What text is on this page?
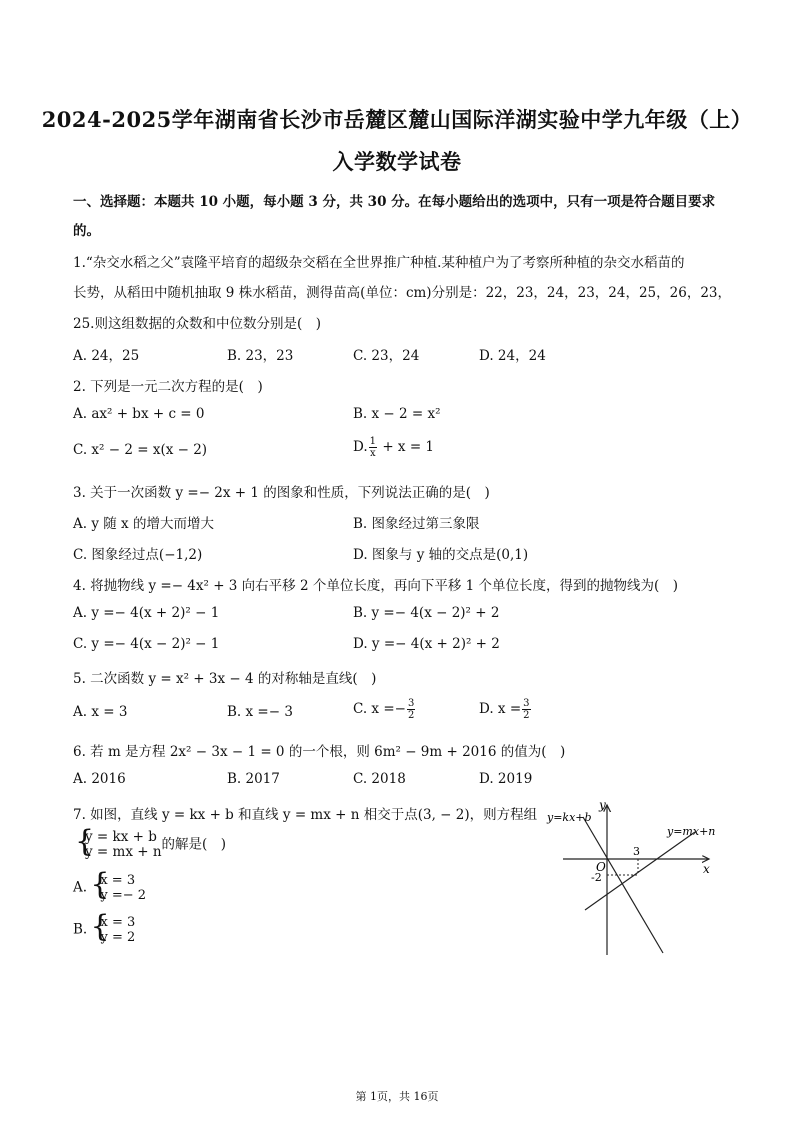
2024-2025学年湖南省长沙市岳麓区麓山国际洋湖实验中学九年级（上）
入学数学试卷
一、选择题：本题共 10 小题，每小题 3 分，共 30 分。在每小题给出的选项中，只有一项是符合题目要求
的。
1.“杂交水稻之父”袁隆平培育的超级杂交稻在全世界推广种植.某种植户为了考察所种植的杂交水稻苗的
长势，从稻田中随机抽取 9 株水稻苗，测得苗高(单位：cm)分别是：22，23，24，23，24，25，26，23，
25.则这组数据的众数和中位数分别是(　)
A. 24，25	B. 23，23	C. 23，24	D. 24，24
2. 下列是一元二次方程的是(　)
A. ax² + bx + c = 0	B. x − 2 = x²
C. x² − 2 = x(x − 2)	D. $\frac{1}{x} + x = 1$
3. 关于一次函数 y =− 2x + 1 的图象和性质，下列说法正确的是(　)
A. y 随 x 的增大而增大	B. 图象经过第三象限
C. 图象经过点(−1,2)	D. 图象与 y 轴的交点是(0,1)
4. 将抛物线 y =− 4x² + 3 向右平移 2 个单位长度，再向下平移 1 个单位长度，得到的抛物线为(　)
A. y =− 4(x + 2)² − 1	B. y =− 4(x − 2)² + 2
C. y =− 4(x − 2)² − 1	D. y =− 4(x + 2)² + 2
5. 二次函数 y = x² + 3x − 4 的对称轴是直线(　)
A. x = 3	B. x =− 3	C. $x =- \frac{3}{2}$	D. $x = \frac{3}{2}$
6. 若 m 是方程 2x² − 3x − 1 = 0 的一个根，则 6m² − 9m + 2016 的值为(　)
A. 2016	B. 2017	C. 2018	D. 2019
7. 如图，直线 y = kx + b 和直线 y = mx + n 相交于点(3, − 2)，则方程组
{ y = kx + b
y = mx + n 的解是(　)
A. { x = 3
y =− 2
B. { x = 3
y = 2
y
x
O
y=kx+b
y=mx+n
3
-2
第 1页，共 16页
